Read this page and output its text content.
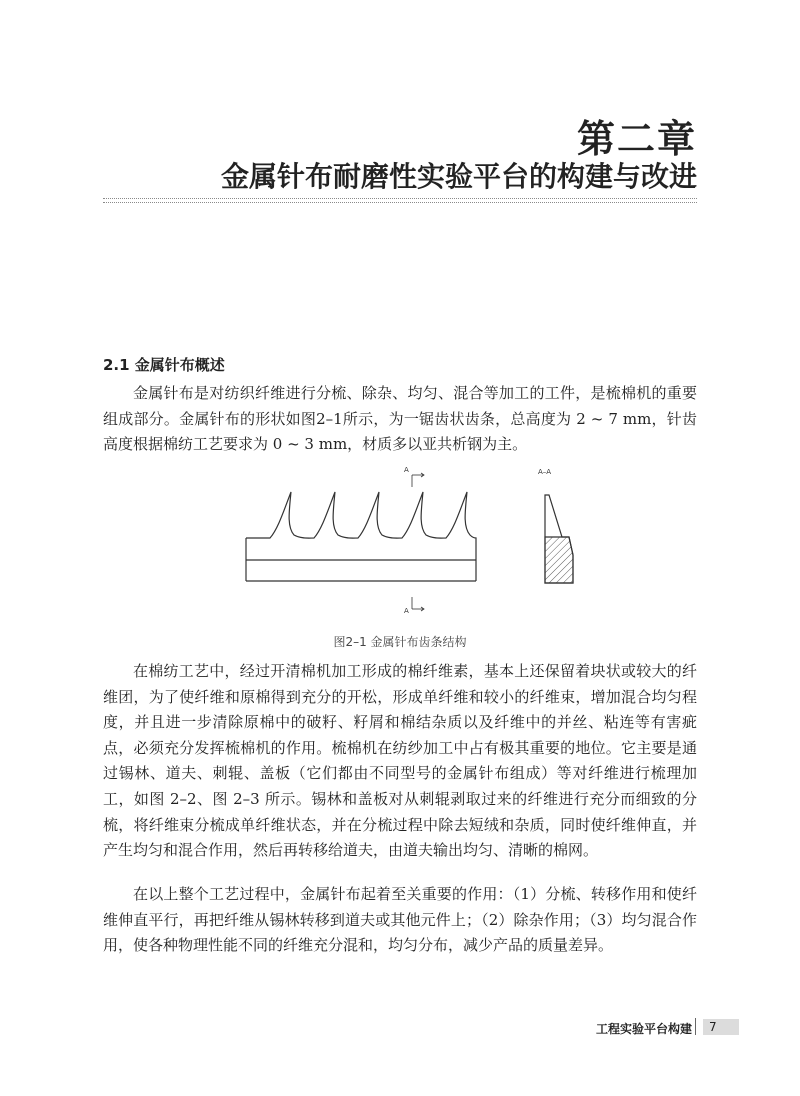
第二章
金属针布耐磨性实验平台的构建与改进
2.1 金属针布概述

金属针布是对纺织纤维进行分梳、除杂、均匀、混合等加工的工件，是梳棉机的重要组成部分。金属针布的形状如图2–1所示，为一锯齿状齿条，总高度为 2 ~ 7 mm，针齿高度根据棉纺工艺要求为 0 ~ 3 mm，材质多以亚共析钢为主。

A
A
A–A
图2–1 金属针布齿条结构

在棉纺工艺中，经过开清棉机加工形成的棉纤维素，基本上还保留着块状或较大的纤维团，为了使纤维和原棉得到充分的开松，形成单纤维和较小的纤维束，增加混合均匀程度，并且进一步清除原棉中的破籽、籽屑和棉结杂质以及纤维中的并丝、粘连等有害疵点，必须充分发挥梳棉机的作用。梳棉机在纺纱加工中占有极其重要的地位。它主要是通过锡林、道夫、刺辊、盖板（它们都由不同型号的金属针布组成）等对纤维进行梳理加工，如图 2–2、图 2–3 所示。锡林和盖板对从刺辊剥取过来的纤维进行充分而细致的分梳，将纤维束分梳成单纤维状态，并在分梳过程中除去短绒和杂质，同时使纤维伸直，并产生均匀和混合作用，然后再转移给道夫，由道夫输出均匀、清晰的棉网。

在以上整个工艺过程中，金属针布起着至关重要的作用：（1）分梳、转移作用和使纤维伸直平行，再把纤维从锡林转移到道夫或其他元件上；（2）除杂作用；（3）均匀混合作用，使各种物理性能不同的纤维充分混和，均匀分布，减少产品的质量差异。

工程实验平台构建	7
